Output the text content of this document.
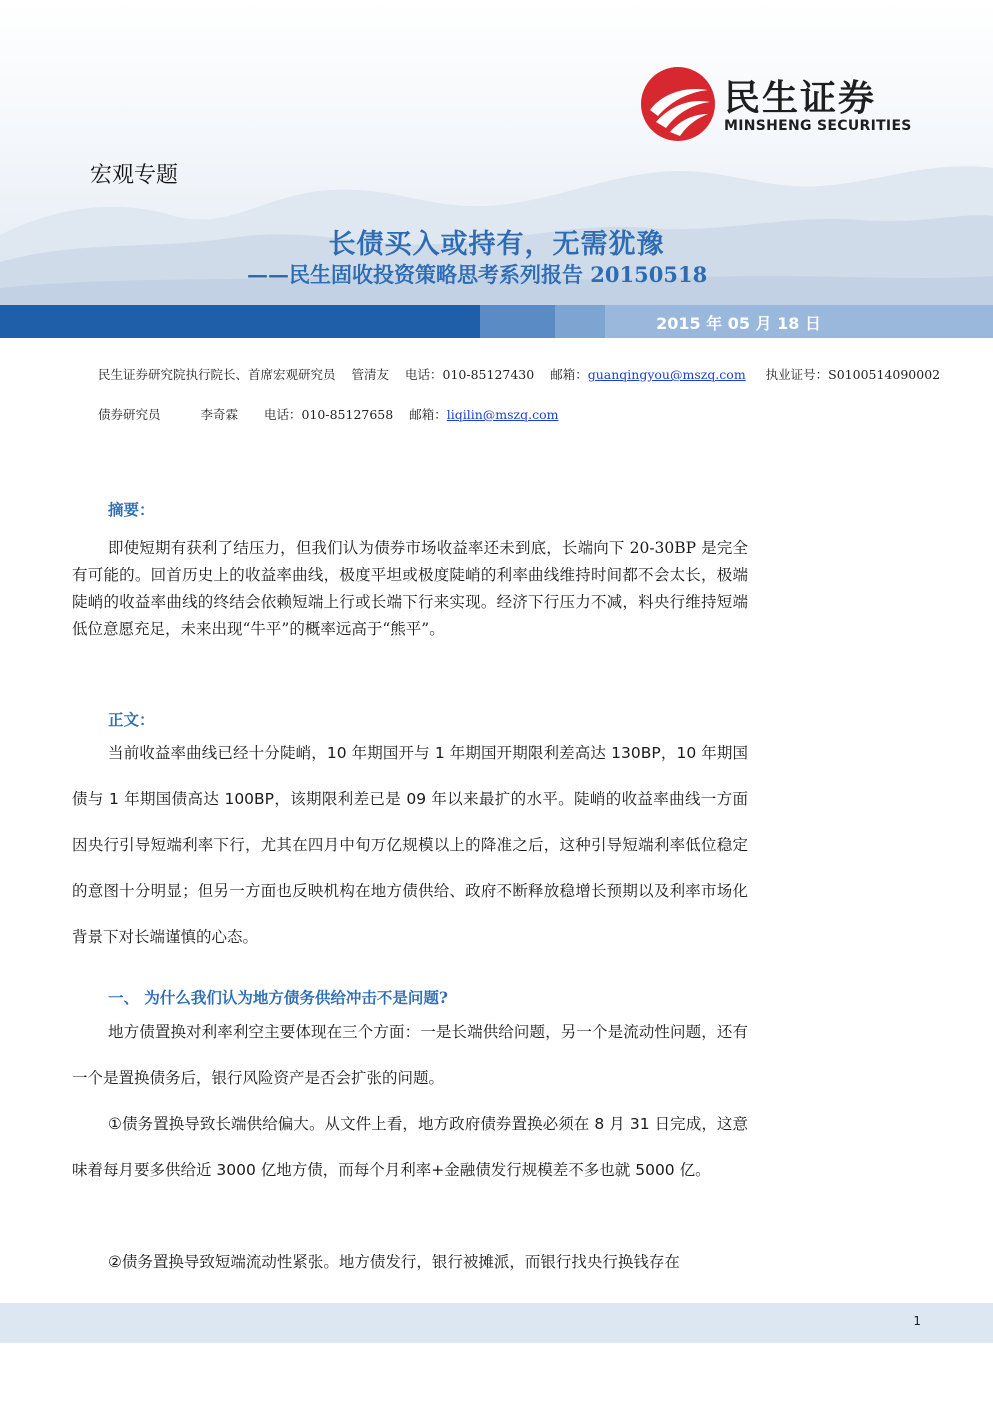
民生证券
MINSHENG SECURITIES
宏观专题
长债买入或持有，无需犹豫
——民生固收投资策略思考系列报告 20150518
2015 年 05 月 18 日
民生证券研究院执行院长、首席宏观研究员 管清友 电话：010-85127430 邮箱：guanqingyou@mszq.com 执业证号：S0100514090002
债券研究员	李奇霖 电话：010-85127658 邮箱：liqilin@mszq.com
摘要：

即使短期有获利了结压力，但我们认为债券市场收益率还未到底，长端向下 20-30BP 是完全有可能的。回首历史上的收益率曲线，极度平坦或极度陡峭的利率曲线维持时间都不会太长，极端陡峭的收益率曲线的终结会依赖短端上行或长端下行来实现。经济下行压力不减，料央行维持短端低位意愿充足，未来出现“牛平”的概率远高于“熊平”。

正文：

当前收益率曲线已经十分陡峭，10 年期国开与 1 年期国开期限利差高达 130BP，10 年期国债与 1 年期国债高达 100BP，该期限利差已是 09 年以来最扩的水平。陡峭的收益率曲线一方面因央行引导短端利率下行，尤其在四月中旬万亿规模以上的降准之后，这种引导短端利率低位稳定的意图十分明显；但另一方面也反映机构在地方债供给、政府不断释放稳增长预期以及利率市场化背景下对长端谨慎的心态。

一、 为什么我们认为地方债务供给冲击不是问题?

地方债置换对利率利空主要体现在三个方面：一是长端供给问题，另一个是流动性问题，还有一个是置换债务后，银行风险资产是否会扩张的问题。

①债务置换导致长端供给偏大。从文件上看，地方政府债券置换必须在 8 月 31 日完成，这意味着每月要多供给近 3000 亿地方债，而每个月利率+金融债发行规模差不多也就 5000 亿。

②债务置换导致短端流动性紧张。地方债发行，银行被摊派，而银行找央行换钱存在

1
